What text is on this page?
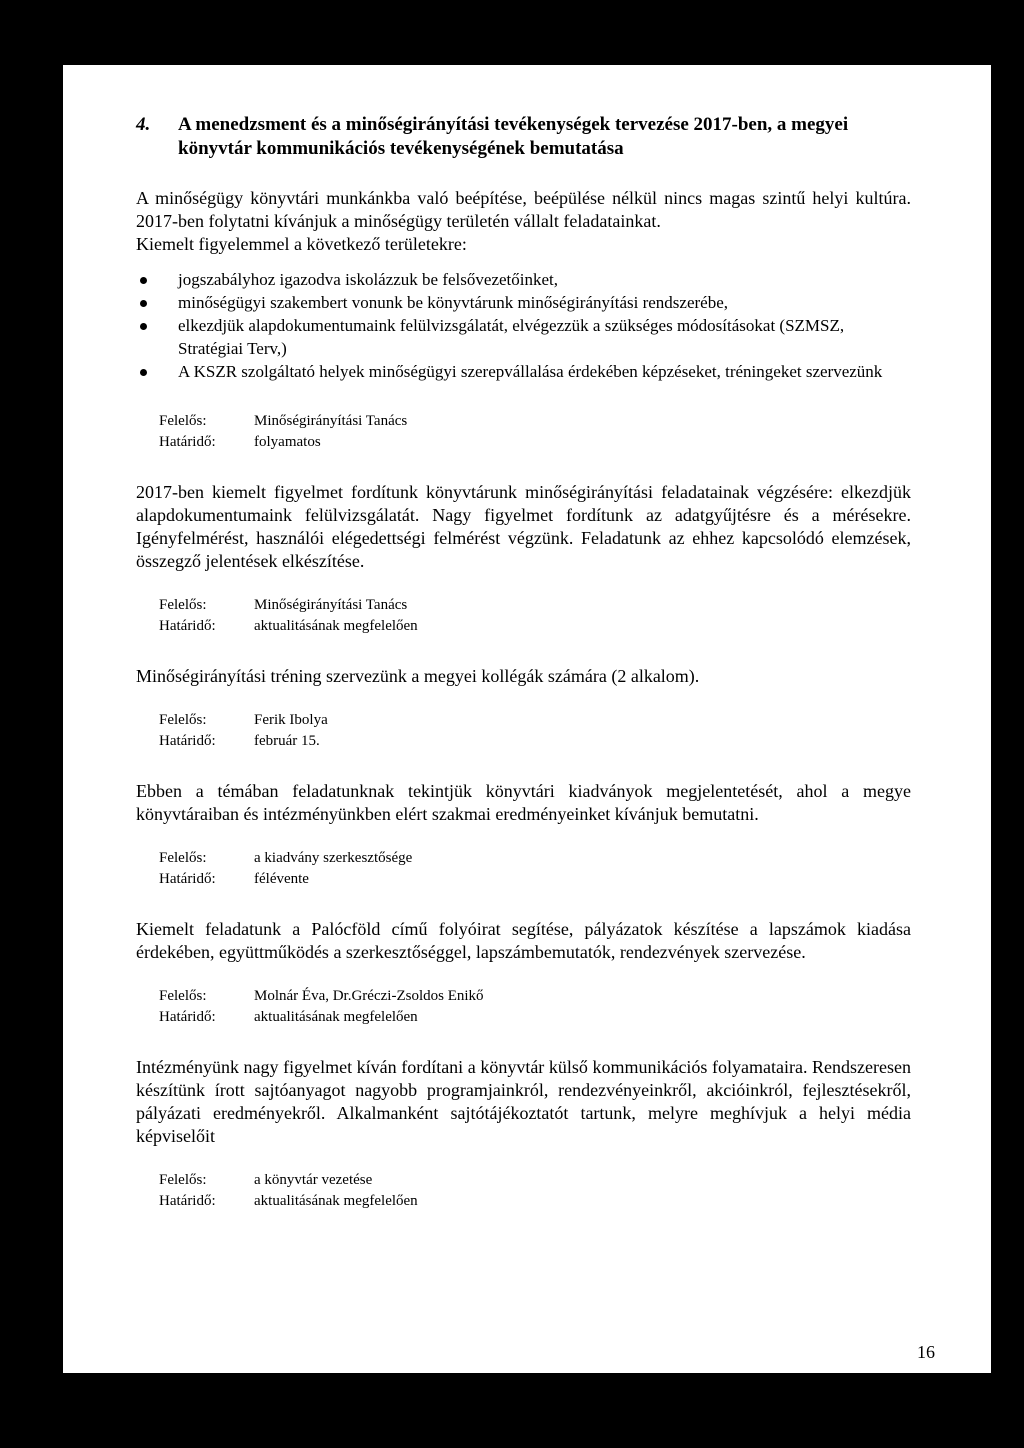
4.	A menedzsment és a minőségirányítási tevékenységek tervezése 2017-ben, a megyei könyvtár kommunikációs tevékenységének bemutatása

A minőségügy könyvtári munkánkba való beépítése, beépülése nélkül nincs magas szintű helyi kultúra. 2017-ben folytatni kívánjuk a minőségügy területén vállalt feladatainkat.

Kiemelt figyelemmel a következő területekre:

jogszabályhoz igazodva iskolázzuk be felsővezetőinket,
minőségügyi szakembert vonunk be könyvtárunk minőségirányítási rendszerébe,
elkezdjük alapdokumentumaink felülvizsgálatát, elvégezzük a szükséges módosításokat (SZMSZ, Stratégiai Terv,)
A KSZR szolgáltató helyek minőségügyi szerepvállalása érdekében képzéseket, tréningeket szervezünk
Felelős:	Minőségirányítási Tanács
Határidő:	folyamatos

2017-ben kiemelt figyelmet fordítunk könyvtárunk minőségirányítási feladatainak végzésére: elkezdjük alapdokumentumaink felülvizsgálatát. Nagy figyelmet fordítunk az adatgyűjtésre és a mérésekre. Igényfelmérést, használói elégedettségi felmérést végzünk. Feladatunk az ehhez kapcsolódó elemzések, összegző jelentések elkészítése.

Felelős:	Minőségirányítási Tanács
Határidő:	aktualitásának megfelelően

Minőségirányítási tréning szervezünk a megyei kollégák számára (2 alkalom).

Felelős:	Ferik Ibolya
Határidő:	február 15.

Ebben a témában feladatunknak tekintjük könyvtári kiadványok megjelentetését, ahol a megye könyvtáraiban és intézményünkben elért szakmai eredményeinket kívánjuk bemutatni.

Felelős:	a kiadvány szerkesztősége
Határidő:	félévente

Kiemelt feladatunk a Palócföld című folyóirat segítése, pályázatok készítése a lapszámok kiadása érdekében, együttműködés a szerkesztőséggel, lapszámbemutatók, rendezvények szervezése.

Felelős:	Molnár Éva, Dr.Gréczi-Zsoldos Enikő
Határidő:	aktualitásának megfelelően

Intézményünk nagy figyelmet kíván fordítani a könyvtár külső kommunikációs folyamataira. Rendszeresen készítünk írott sajtóanyagot nagyobb programjainkról, rendezvényeinkről, akcióinkról, fejlesztésekről, pályázati eredményekről. Alkalmanként sajtótájékoztatót tartunk, melyre meghívjuk a helyi média képviselőit

Felelős:	a könyvtár vezetése
Határidő:	aktualitásának megfelelően
16
